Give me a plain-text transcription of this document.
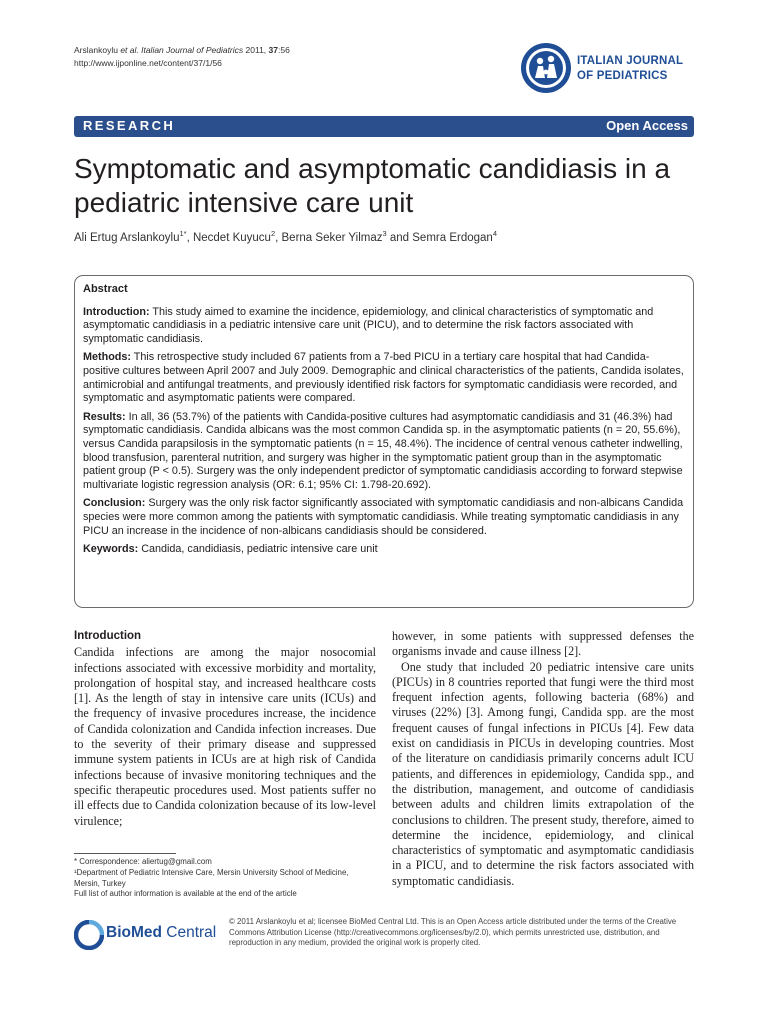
Arslankoylu et al. Italian Journal of Pediatrics 2011, 37:56
http://www.ijponline.net/content/37/1/56	ITALIAN JOURNAL
OF PEDIATRICS
RESEARCH	Open Access
Symptomatic and asymptomatic candidiasis in a pediatric intensive care unit
Ali Ertug Arslankoylu$^{1*}$, Necdet Kuyucu$^2$, Berna Seker Yilmaz$^3$ and Semra Erdogan$^4$
Abstract

Introduction: This study aimed to examine the incidence, epidemiology, and clinical characteristics of symptomatic and asymptomatic candidiasis in a pediatric intensive care unit (PICU), and to determine the risk factors associated with symptomatic candidiasis.

Methods: This retrospective study included 67 patients from a 7-bed PICU in a tertiary care hospital that had Candida-positive cultures between April 2007 and July 2009. Demographic and clinical characteristics of the patients, Candida isolates, antimicrobial and antifungal treatments, and previously identified risk factors for symptomatic candidiasis were recorded, and symptomatic and asymptomatic patients were compared.

Results: In all, 36 (53.7%) of the patients with Candida-positive cultures had asymptomatic candidiasis and 31 (46.3%) had symptomatic candidiasis. Candida albicans was the most common Candida sp. in the asymptomatic patients (n = 20, 55.6%), versus Candida parapsilosis in the symptomatic patients (n = 15, 48.4%). The incidence of central venous catheter indwelling, blood transfusion, parenteral nutrition, and surgery was higher in the symptomatic patient group than in the asymptomatic patient group (P < 0.5). Surgery was the only independent predictor of symptomatic candidiasis according to forward stepwise multivariate logistic regression analysis (OR: 6.1; 95% CI: 1.798-20.692).

Conclusion: Surgery was the only risk factor significantly associated with symptomatic candidiasis and non-albicans Candida species were more common among the patients with symptomatic candidiasis. While treating symptomatic candidiasis in any PICU an increase in the incidence of non-albicans candidiasis should be considered.

Keywords: Candida, candidiasis, pediatric intensive care unit

Introduction

Candida infections are among the major nosocomial infections associated with excessive morbidity and mortality, prolongation of hospital stay, and increased healthcare costs [1]. As the length of stay in intensive care units (ICUs) and the frequency of invasive procedures increase, the incidence of Candida colonization and Candida infection increases. Due to the severity of their primary disease and suppressed immune system patients in ICUs are at high risk of Candida infections because of invasive monitoring techniques and the specific therapeutic procedures used. Most patients suffer no ill effects due to Candida colonization because of its low-level virulence;

however, in some patients with suppressed defenses the organisms invade and cause illness [2].

One study that included 20 pediatric intensive care units (PICUs) in 8 countries reported that fungi were the third most frequent infection agents, following bacteria (68%) and viruses (22%) [3]. Among fungi, Candida spp. are the most frequent causes of fungal infections in PICUs [4]. Few data exist on candidiasis in PICUs in developing countries. Most of the literature on candidiasis primarily concerns adult ICU patients, and differences in epidemiology, Candida spp., and the distribution, management, and outcome of candidiasis between adults and children limits extrapolation of the conclusions to children. The present study, therefore, aimed to determine the incidence, epidemiology, and clinical characteristics of symptomatic and asymptomatic candidiasis in a PICU, and to determine the risk factors associated with symptomatic candidiasis.

* Correspondence: aliertug@gmail.com
¹Department of Pediatric Intensive Care, Mersin University School of Medicine, Mersin, Turkey
Full list of author information is available at the end of the article
BioMed Central
© 2011 Arslankoylu et al; licensee BioMed Central Ltd. This is an Open Access article distributed under the terms of the Creative Commons Attribution License (http://creativecommons.org/licenses/by/2.0), which permits unrestricted use, distribution, and reproduction in any medium, provided the original work is properly cited.
